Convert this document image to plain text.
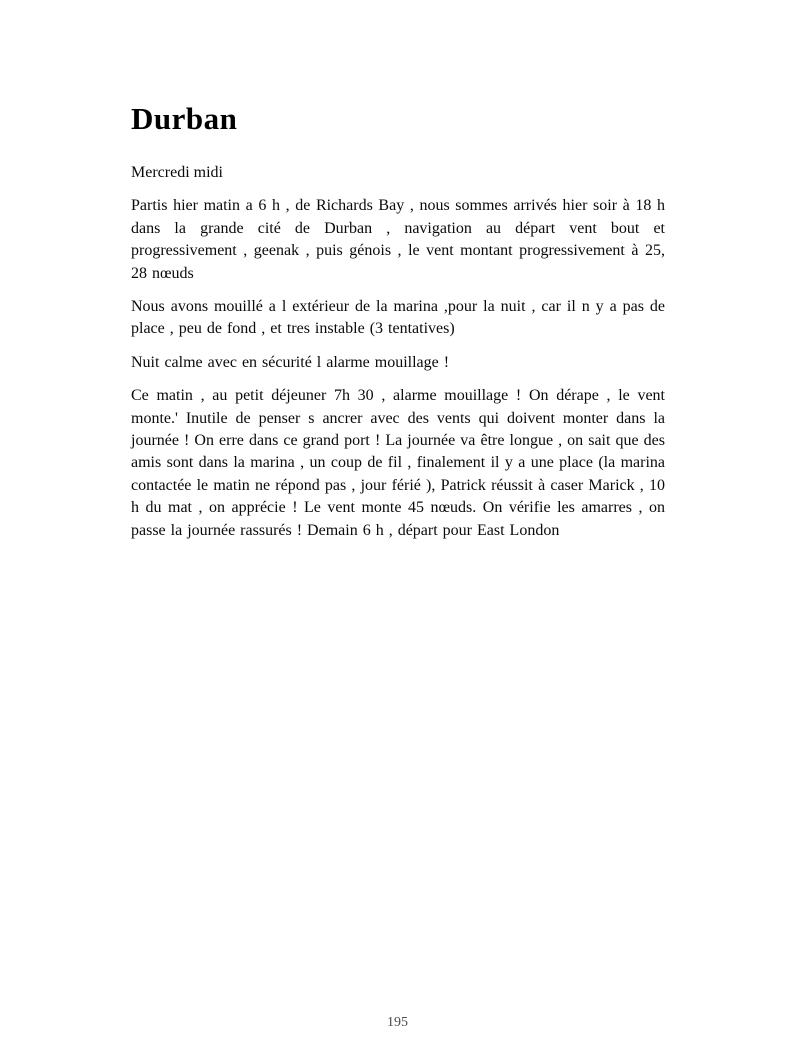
Durban

Mercredi midi

Partis hier matin a 6 h , de Richards Bay , nous sommes arrivés hier soir à 18 h dans la grande cité de Durban , navigation au départ vent bout et progressivement , geenak , puis génois , le vent montant progressivement à 25, 28 nœuds

Nous avons mouillé a l extérieur de la marina ,pour la nuit , car il n y a pas de place , peu de fond , et tres instable (3 tentatives)

Nuit calme avec en sécurité l alarme mouillage !

Ce matin , au petit déjeuner 7h 30 , alarme mouillage ! On dérape , le vent monte.' Inutile de penser s ancrer avec des vents qui doivent monter dans la journée ! On erre dans ce grand port ! La journée va être longue , on sait que des amis sont dans la marina , un coup de fil , finalement il y a une place (la marina contactée le matin ne répond pas , jour férié ), Patrick réussit à caser Marick , 10 h du mat , on apprécie ! Le vent monte 45 nœuds. On vérifie les amarres , on passe la journée rassurés ! Demain 6 h , départ pour East London

195
